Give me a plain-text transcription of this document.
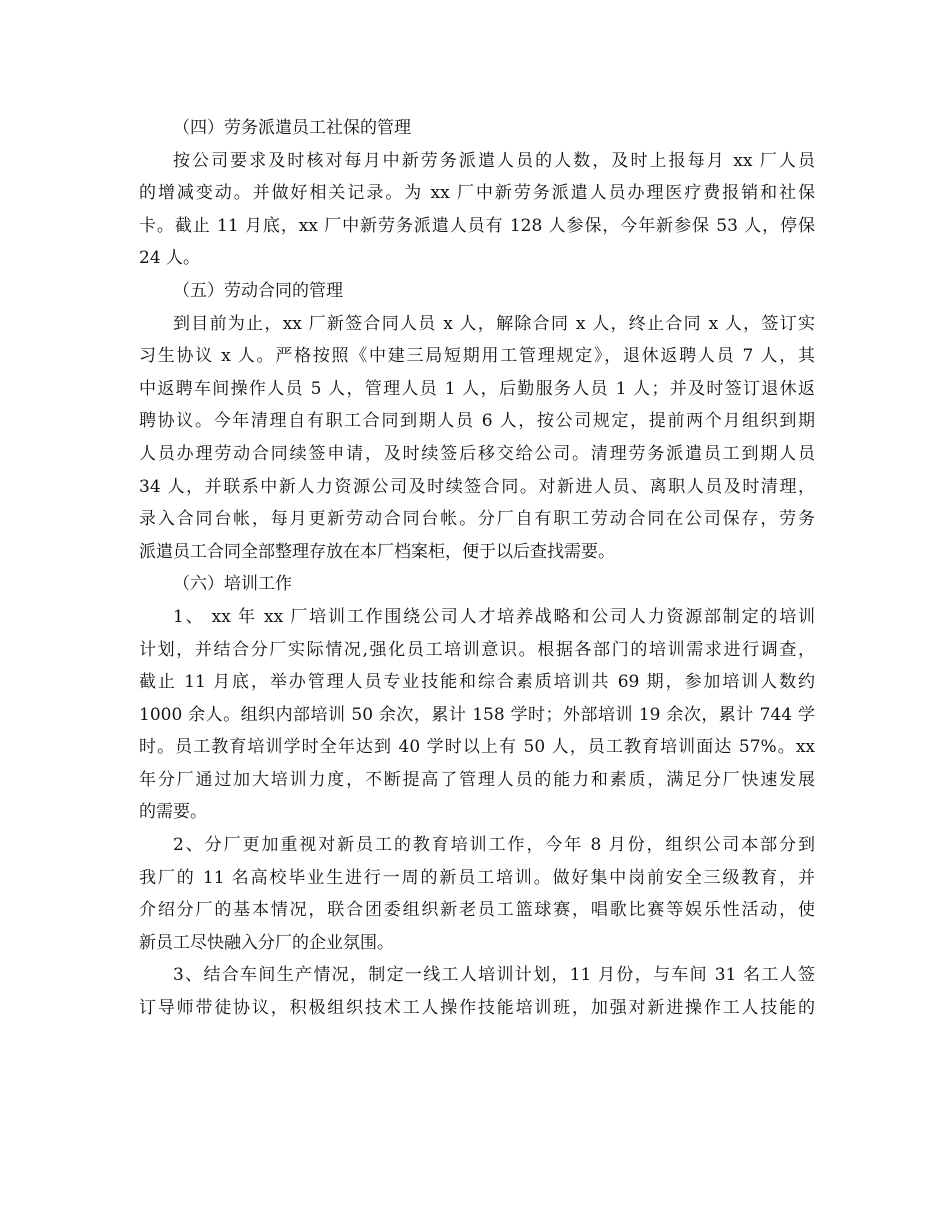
（四）劳务派遣员工社保的管理
按公司要求及时核对每月中新劳务派遣人员的人数，及时上报每月 xx 厂人员
的增减变动。并做好相关记录。为 xx 厂中新劳务派遣人员办理医疗费报销和社保
卡。截止 11 月底，xx 厂中新劳务派遣人员有 128 人参保，今年新参保 53 人，停保
24 人。
（五）劳动合同的管理
到目前为止，xx 厂新签合同人员 x 人，解除合同 x 人，终止合同 x 人，签订实
习生协议 x 人。严格按照《中建三局短期用工管理规定》，退休返聘人员 7 人，其
中返聘车间操作人员 5 人，管理人员 1 人，后勤服务人员 1 人；并及时签订退休返
聘协议。今年清理自有职工合同到期人员 6 人，按公司规定，提前两个月组织到期
人员办理劳动合同续签申请，及时续签后移交给公司。清理劳务派遣员工到期人员
34 人，并联系中新人力资源公司及时续签合同。对新进人员、离职人员及时清理，
录入合同台帐，每月更新劳动合同台帐。分厂自有职工劳动合同在公司保存，劳务
派遣员工合同全部整理存放在本厂档案柜，便于以后查找需要。
（六）培训工作
1、 xx 年 xx 厂培训工作围绕公司人才培养战略和公司人力资源部制定的培训
计划，并结合分厂实际情况,强化员工培训意识。根据各部门的培训需求进行调查，
截止 11 月底，举办管理人员专业技能和综合素质培训共 69 期，参加培训人数约
1000 余人。组织内部培训 50 余次，累计 158 学时；外部培训 19 余次，累计 744 学
时。员工教育培训学时全年达到 40 学时以上有 50 人，员工教育培训面达 57%。xx
年分厂通过加大培训力度，不断提高了管理人员的能力和素质，满足分厂快速发展
的需要。
2、分厂更加重视对新员工的教育培训工作，今年 8 月份，组织公司本部分到
我厂的 11 名高校毕业生进行一周的新员工培训。做好集中岗前安全三级教育，并
介绍分厂的基本情况，联合团委组织新老员工篮球赛，唱歌比赛等娱乐性活动，使
新员工尽快融入分厂的企业氛围。
3、结合车间生产情况，制定一线工人培训计划，11 月份，与车间 31 名工人签
订导师带徒协议，积极组织技术工人操作技能培训班，加强对新进操作工人技能的
